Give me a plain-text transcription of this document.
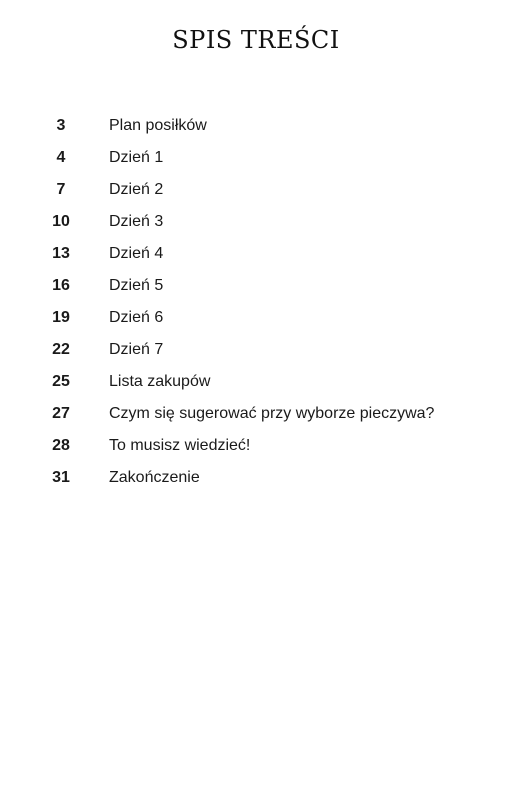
SPIS TREŚCI
3	Plan posiłków
4	Dzień 1
7	Dzień 2
10	Dzień 3
13	Dzień 4
16	Dzień 5
19	Dzień 6
22	Dzień 7
25	Lista zakupów
27	Czym się sugerować przy wyborze pieczywa?
28	To musisz wiedzieć!
31	Zakończenie
